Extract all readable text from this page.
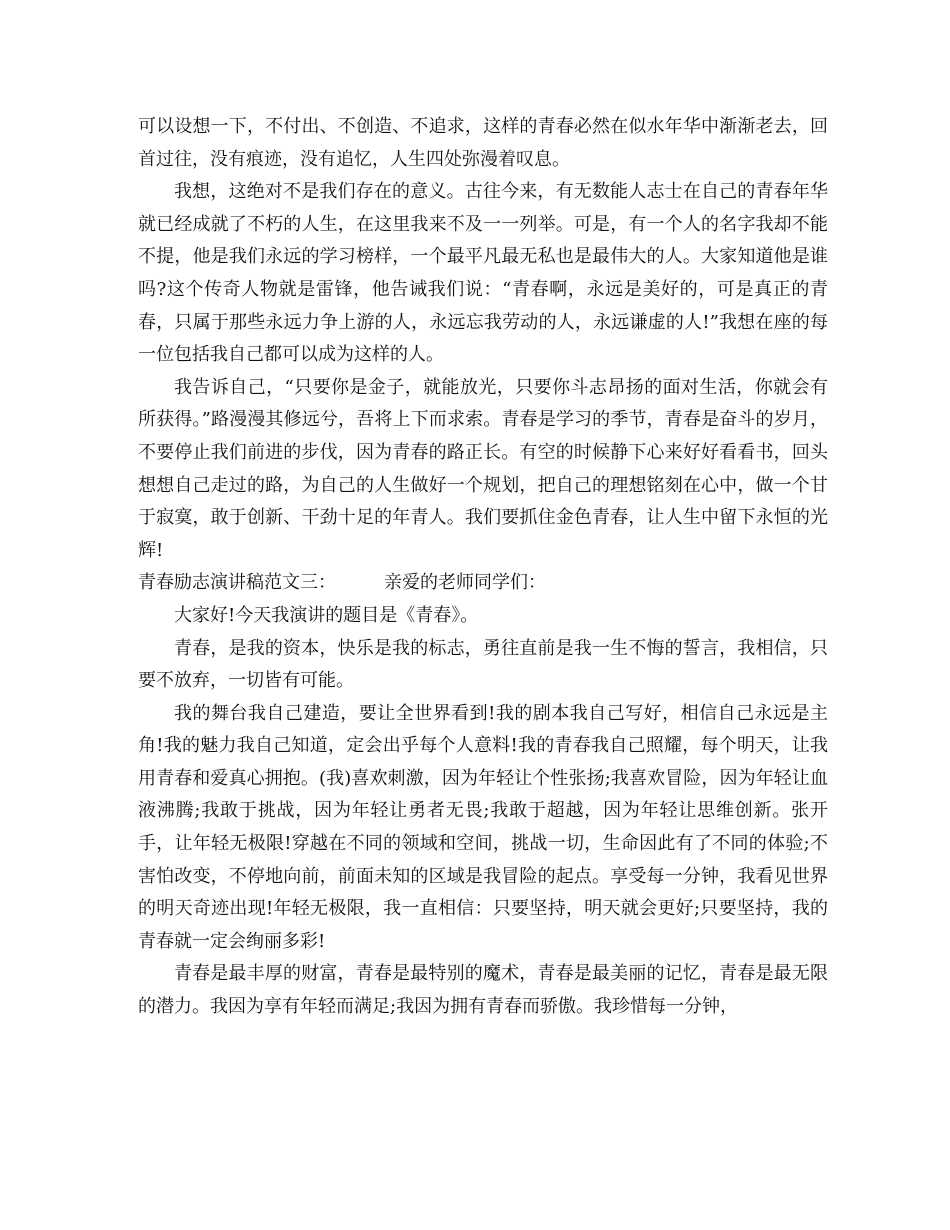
可以设想一下，不付出、不创造、不追求，这样的青春必然在似水年华中渐渐老去，回首过往，没有痕迹，没有追忆，人生四处弥漫着叹息。

我想，这绝对不是我们存在的意义。古往今来，有无数能人志士在自己的青春年华就已经成就了不朽的人生，在这里我来不及一一列举。可是，有一个人的名字我却不能不提，他是我们永远的学习榜样，一个最平凡最无私也是最伟大的人。大家知道他是谁吗?这个传奇人物就是雷锋，他告诫我们说：“青春啊，永远是美好的，可是真正的青春，只属于那些永远力争上游的人，永远忘我劳动的人，永远谦虚的人!”我想在座的每一位包括我自己都可以成为这样的人。

我告诉自己，“只要你是金子，就能放光，只要你斗志昂扬的面对生活，你就会有所获得。”路漫漫其修远兮，吾将上下而求索。青春是学习的季节，青春是奋斗的岁月，不要停止我们前进的步伐，因为青春的路正长。有空的时候静下心来好好看看书，回头想想自己走过的路，为自己的人生做好一个规划，把自己的理想铭刻在心中，做一个甘于寂寞，敢于创新、干劲十足的年青人。我们要抓住金色青春，让人生中留下永恒的光辉!

青春励志演讲稿范文三：	亲爱的老师同学们：

大家好!今天我演讲的题目是《青春》。

青春，是我的资本，快乐是我的标志，勇往直前是我一生不悔的誓言，我相信，只要不放弃，一切皆有可能。

我的舞台我自己建造，要让全世界看到!我的剧本我自己写好，相信自己永远是主角!我的魅力我自己知道，定会出乎每个人意料!我的青春我自己照耀，每个明天，让我用青春和爱真心拥抱。(我)喜欢刺激，因为年轻让个性张扬;我喜欢冒险，因为年轻让血液沸腾;我敢于挑战，因为年轻让勇者无畏;我敢于超越，因为年轻让思维创新。张开手，让年轻无极限!穿越在不同的领域和空间，挑战一切，生命因此有了不同的体验;不害怕改变，不停地向前，前面未知的区域是我冒险的起点。享受每一分钟，我看见世界的明天奇迹出现!年轻无极限，我一直相信：只要坚持，明天就会更好;只要坚持，我的青春就一定会绚丽多彩!

青春是最丰厚的财富，青春是最特别的魔术，青春是最美丽的记忆，青春是最无限的潜力。我因为享有年轻而满足;我因为拥有青春而骄傲。我珍惜每一分钟，
